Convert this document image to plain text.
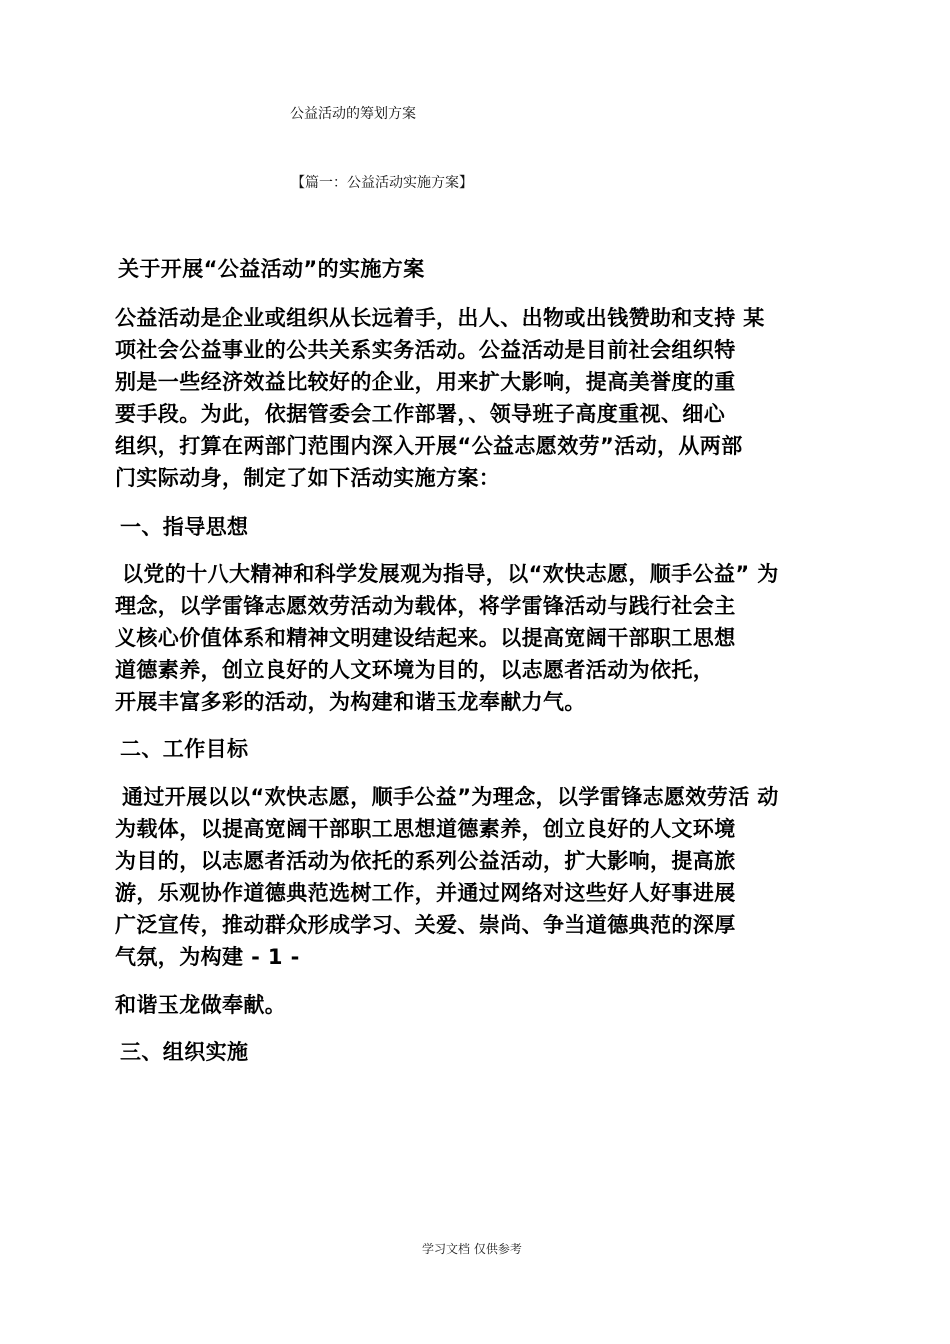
公益活动的筹划方案
【篇一：公益活动实施方案】
关于开展“公益活动”的实施方案
公益活动是企业或组织从长远着手，出人、出物或出钱赞助和支持 某
项社会公益事业的公共关系实务活动。公益活动是目前社会组织特
别是一些经济效益比较好的企业，用来扩大影响，提高美誉度的重
要手段。为此，依据管委会工作部署，、领导班子高度重视、细心
组织，打算在两部门范围内深入开展“公益志愿效劳”活动，从两部
门实际动身，制定了如下活动实施方案：
一、指导思想
以党的十八大精神和科学发展观为指导，以“欢快志愿，顺手公益” 为
理念，以学雷锋志愿效劳活动为载体，将学雷锋活动与践行社会主
义核心价值体系和精神文明建设结起来。以提高宽阔干部职工思想
道德素养，创立良好的人文环境为目的，以志愿者活动为依托，
开展丰富多彩的活动，为构建和谐玉龙奉献力气。
二、工作目标
通过开展以以“欢快志愿，顺手公益”为理念，以学雷锋志愿效劳活 动
为载体，以提高宽阔干部职工思想道德素养，创立良好的人文环境
为目的，以志愿者活动为依托的系列公益活动，扩大影响，提高旅
游，乐观协作道德典范选树工作，并通过网络对这些好人好事进展
广泛宣传，推动群众形成学习、关爱、崇尚、争当道德典范的深厚
气氛，为构建 - 1 -
和谐玉龙做奉献。
三、组织实施
学习文档 仅供参考
